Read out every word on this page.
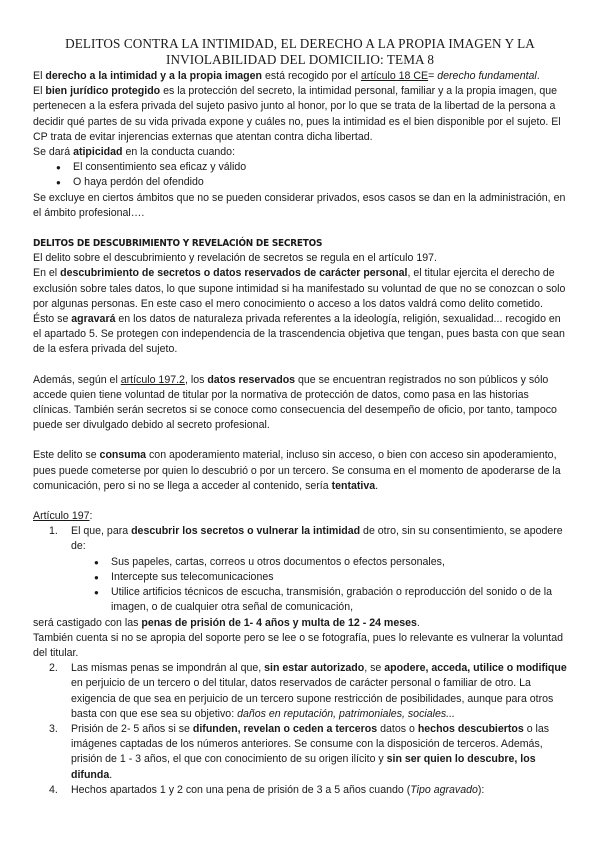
DELITOS CONTRA LA INTIMIDAD, EL DERECHO A LA PROPIA IMAGEN Y LA
INVIOLABILIDAD DEL DOMICILIO: TEMA 8

El derecho a la intimidad y a la propia imagen está recogido por el artículo 18 CE= derecho fundamental.

El bien jurídico protegido es la protección del secreto, la intimidad personal, familiar y a la propia imagen, que pertenecen a la esfera privada del sujeto pasivo junto al honor, por lo que se trata de la libertad de la persona a decidir qué partes de su vida privada expone y cuáles no, pues la intimidad es el bien disponible por el sujeto. El CP trata de evitar injerencias externas que atentan contra dicha libertad.

Se dará atipicidad en la conducta cuando:

● El consentimiento sea eficaz y válido
● O haya perdón del ofendido

Se excluye en ciertos ámbitos que no se pueden considerar privados, esos casos se dan en la administración, en el ámbito profesional….

DELITOS DE DESCUBRIMIENTO Y REVELACIÓN DE SECRETOS

El delito sobre el descubrimiento y revelación de secretos se regula en el artículo 197.

En el descubrimiento de secretos o datos reservados de carácter personal, el titular ejercita el derecho de exclusión sobre tales datos, lo que supone intimidad si ha manifestado su voluntad de que no se conozcan o solo por algunas personas. En este caso el mero conocimiento o acceso a los datos valdrá como delito cometido. Ésto se agravará en los datos de naturaleza privada referentes a la ideología, religión, sexualidad... recogido en el apartado 5. Se protegen con independencia de la trascendencia objetiva que tengan, pues basta con que sean de la esfera privada del sujeto.

Además, según el artículo 197.2, los datos reservados que se encuentran registrados no son públicos y sólo accede quien tiene voluntad de titular por la normativa de protección de datos, como pasa en las historias clínicas. También serán secretos si se conoce como consecuencia del desempeño de oficio, por tanto, tampoco puede ser divulgado debido al secreto profesional.

Este delito se consuma con apoderamiento material, incluso sin acceso, o bien con acceso sin apoderamiento, pues puede cometerse por quien lo descubrió o por un tercero. Se consuma en el momento de apoderarse de la comunicación, pero si no se llega a acceder al contenido, sería tentativa.

Artículo 197:

1. El que, para descubrir los secretos o vulnerar la intimidad de otro, sin su consentimiento, se apodere de:
● Sus papeles, cartas, correos u otros documentos o efectos personales,
● Intercepte sus telecomunicaciones
● Utilice artificios técnicos de escucha, transmisión, grabación o reproducción del sonido o de la imagen, o de cualquier otra señal de comunicación,

será castigado con las penas de prisión de 1- 4 años y multa de 12 - 24 meses.

También cuenta si no se apropia del soporte pero se lee o se fotografía, pues lo relevante es vulnerar la voluntad del titular.

2. Las mismas penas se impondrán al que, sin estar autorizado, se apodere, acceda, utilice o modifique en perjuicio de un tercero o del titular, datos reservados de carácter personal o familiar de otro. La exigencia de que sea en perjuicio de un tercero supone restricción de posibilidades, aunque para otros basta con que ese sea su objetivo: daños en reputación, patrimoniales, sociales...
3. Prisión de 2- 5 años si se difunden, revelan o ceden a terceros datos o hechos descubiertos o las imágenes captadas de los números anteriores. Se consume con la disposición de terceros. Además, prisión de 1 - 3 años, el que con conocimiento de su origen ilícito y sin ser quien lo descubre, los difunda.
4. Hechos apartados 1 y 2 con una pena de prisión de 3 a 5 años cuando (Tipo agravado):
